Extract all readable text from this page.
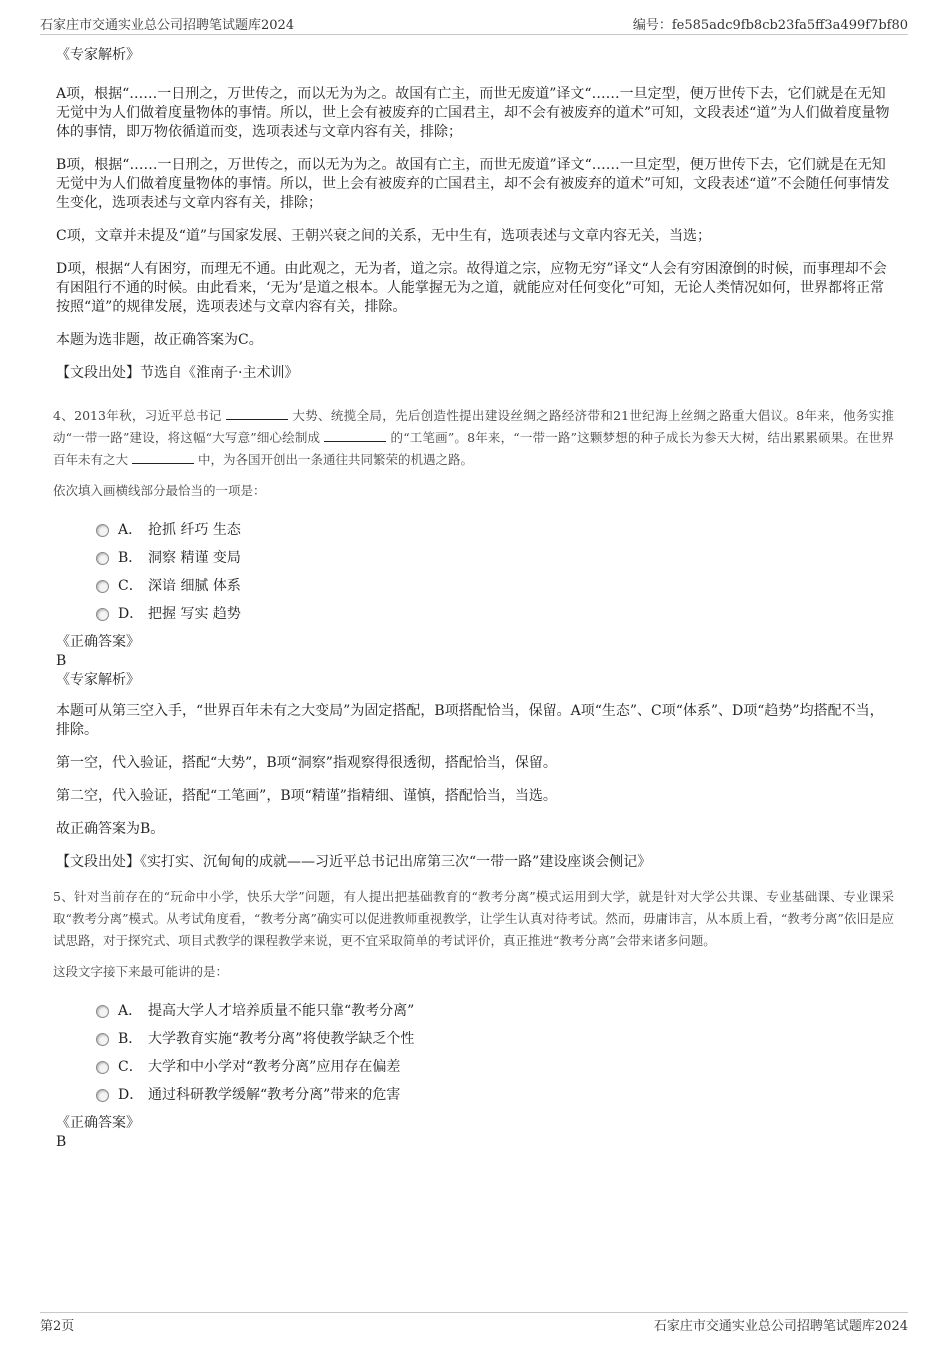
石家庄市交通实业总公司招聘笔试题库2024	编号：fe585adc9fb8cb23fa5ff3a499f7bf80
《专家解析》

A项，根据“……一日刑之，万世传之，而以无为为之。故国有亡主，而世无废道”译文“……一旦定型，便万世传下去，它们就是在无知无觉中为人们做着度量物体的事情。所以，世上会有被废弃的亡国君主，却不会有被废弃的道术”可知，文段表述“道”为人们做着度量物体的事情，即万物依循道而变，选项表述与文章内容有关，排除；

B项，根据“……一日刑之，万世传之，而以无为为之。故国有亡主，而世无废道”译文“……一旦定型，便万世传下去，它们就是在无知无觉中为人们做着度量物体的事情。所以，世上会有被废弃的亡国君主，却不会有被废弃的道术”可知，文段表述“道”不会随任何事情发生变化，选项表述与文章内容有关，排除；

C项，文章并未提及“道”与国家发展、王朝兴衰之间的关系，无中生有，选项表述与文章内容无关，当选；

D项，根据“人有困穷，而理无不通。由此观之，无为者，道之宗。故得道之宗，应物无穷”译文“人会有穷困潦倒的时候，而事理却不会有困阻行不通的时候。由此看来，‘无为’是道之根本。人能掌握无为之道，就能应对任何变化”可知，无论人类情况如何，世界都将正常按照“道”的规律发展，选项表述与文章内容有关，排除。

本题为选非题，故正确答案为C。

【文段出处】节选自《淮南子·主术训》

4、2013年秋，习近平总书记	大势、统揽全局，先后创造性提出建设丝绸之路经济带和21世纪海上丝绸之路重大倡议。8年来，他务实推动“一带一路”建设，将这幅“大写意”细心绘制成	的“工笔画”。8年来，“一带一路”这颗梦想的种子成长为参天大树，结出累累硕果。在世界百年未有之大	中，为各国开创出一条通往共同繁荣的机遇之路。
依次填入画横线部分最恰当的一项是：
A． 抢抓 纤巧 生态
B． 洞察 精谨 变局
C． 深谙 细腻 体系
D． 把握 写实 趋势
《正确答案》
B
《专家解析》

本题可从第三空入手，“世界百年未有之大变局”为固定搭配，B项搭配恰当，保留。A项“生态”、C项“体系”、D项“趋势”均搭配不当，排除。

第一空，代入验证，搭配“大势”，B项“洞察”指观察得很透彻，搭配恰当，保留。

第二空，代入验证，搭配“工笔画”，B项“精谨”指精细、谨慎，搭配恰当，当选。

故正确答案为B。

【文段出处】《实打实、沉甸甸的成就——习近平总书记出席第三次“一带一路”建设座谈会侧记》

5、针对当前存在的“玩命中小学，快乐大学”问题，有人提出把基础教育的“教考分离”模式运用到大学，就是针对大学公共课、专业基础课、专业课采取“教考分离”模式。从考试角度看，“教考分离”确实可以促进教师重视教学，让学生认真对待考试。然而，毋庸讳言，从本质上看，“教考分离”依旧是应试思路，对于探究式、项目式教学的课程教学来说，更不宜采取简单的考试评价，真正推进“教考分离”会带来诸多问题。
这段文字接下来最可能讲的是：
A． 提高大学人才培养质量不能只靠“教考分离”
B． 大学教育实施“教考分离”将使教学缺乏个性
C． 大学和中小学对“教考分离”应用存在偏差
D． 通过科研教学缓解“教考分离”带来的危害
《正确答案》
B
第2页	石家庄市交通实业总公司招聘笔试题库2024
